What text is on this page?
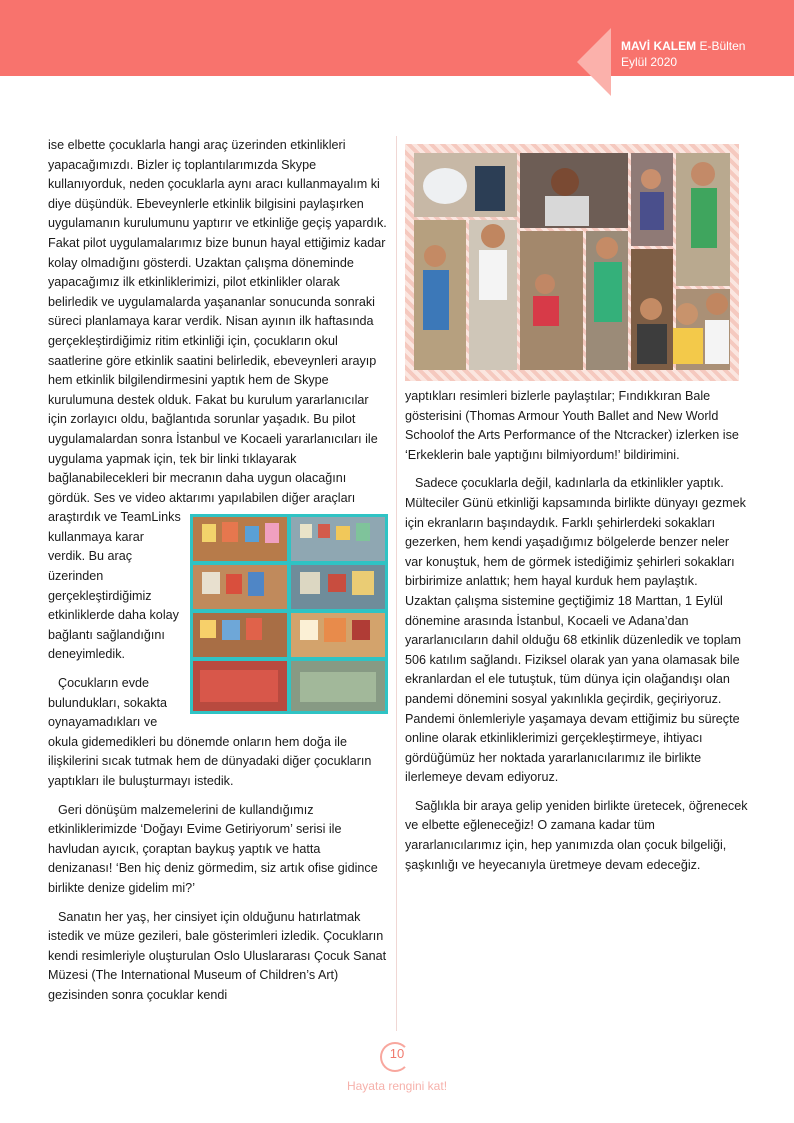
MAVİ KALEM E-Bülten
Eylül 2020

ise elbette çocuklarla hangi araç üzerinden etkinlikleri yapacağımızdı. Bizler iç toplantılarımızda Skype kullanıyorduk, neden çocuklarla aynı aracı kullanmayalım ki diye düşündük. Ebeveynlerle etkinlik bilgisini paylaşırken uygulamanın kurulumunu yaptırır ve etkinliğe geçiş yapardık. Fakat pilot uygulamalarımız bize bunun hayal ettiğimiz kadar kolay olmadığını gösterdi. Uzaktan çalışma döneminde yapacağımız ilk etkinliklerimizi, pilot etkinlikler olarak belirledik ve uygulamalarda yaşananlar sonucunda sonraki süreci planlamaya karar verdik. Nisan ayının ilk haftasında gerçekleştirdiğimiz ritim etkinliği için, çocukların okul saatlerine göre etkinlik saatini belirledik, ebeveynleri arayıp hem etkinlik bilgilendirmesini yaptık hem de Skype kurulumuna destek olduk. Fakat bu kurulum yararlanıcılar için zorlayıcı oldu, bağlantıda sorunlar yaşadık. Bu pilot uygulamalardan sonra İstanbul ve Kocaeli yararlanıcıları ile uygulama yapmak için, tek bir linki tıklayarak bağlanabilecekleri bir mecranın daha uygun olacağını gördük. Ses ve video aktarımı yapılabilen diğer araçları araştırdık ve TeamLinks
kullanmaya karar verdik. Bu araç üzerinden gerçekleştirdiğimiz etkinliklerde daha kolay bağlantı sağlandığını deneyimledik.

Çocukların evde bulundukları, sokakta oynayamadıkları ve okula gidemedikleri bu dönemde onların hem doğa ile ilişkilerini sıcak tutmak hem de dünyadaki diğer çocukların yaptıkları ile buluşturmayı istedik.

Geri dönüşüm malzemelerini de kullandığımız etkinliklerimizde ‘Doğayı Evime Getiriyorum’ serisi ile havludan ayıcık, çoraptan baykuş yaptık ve hatta denizanası! ‘Ben hiç deniz görmedim, siz artık ofise gidince birlikte denize gidelim mi?’

Sanatın her yaş, her cinsiyet için olduğunu hatırlatmak istedik ve müze gezileri, bale gösterimleri izledik. Çocukların kendi resimleriyle oluşturulan Oslo Uluslararası Çocuk Sanat Müzesi (The International Museum of Children’s Art) gezisinden sonra çocuklar kendi

yaptıkları resimleri bizlerle paylaştılar; Fındıkkıran Bale gösterisini (Thomas Armour Youth Ballet and New World Schoolof the Arts Performance of the Ntcracker) izlerken ise ‘Erkeklerin bale yaptığını bilmiyordum!’ bildirimini.

Sadece çocuklarla değil, kadınlarla da etkinlikler yaptık. Mülteciler Günü etkinliği kapsamında birlikte dünyayı gezmek için ekranların başındaydık. Farklı şehirlerdeki sokakları gezerken, hem kendi yaşadığımız bölgelerde benzer neler var konuştuk, hem de görmek istediğimiz şehirleri sokakları birbirimize anlattık; hem hayal kurduk hem paylaştık.

Uzaktan çalışma sistemine geçtiğimiz 18 Marttan, 1 Eylül dönemine arasında İstanbul, Kocaeli ve Adana’dan yararlanıcıların dahil olduğu 68 etkinlik düzenledik ve toplam 506 katılım sağlandı. Fiziksel olarak yan yana olamasak bile ekranlardan el ele tutuştuk, tüm dünya için olağandışı olan pandemi dönemini sosyal yakınlıkla geçirdik, geçiriyoruz. Pandemi önlemleriyle yaşamaya devam ettiğimiz bu süreçte online olarak etkinliklerimizi gerçekleştirmeye, ihtiyacı gördüğümüz her noktada yararlanıcılarımız ile birlikte ilerlemeye devam ediyoruz.

Sağlıkla bir araya gelip yeniden birlikte üretecek, öğrenecek ve elbette eğleneceğiz! O zamana kadar tüm yararlanıcılarımız için, hep yanımızda olan çocuk bilgeliği, şaşkınlığı ve heyecanıyla üretmeye devam edeceğiz.

10
Hayata rengini kat!
